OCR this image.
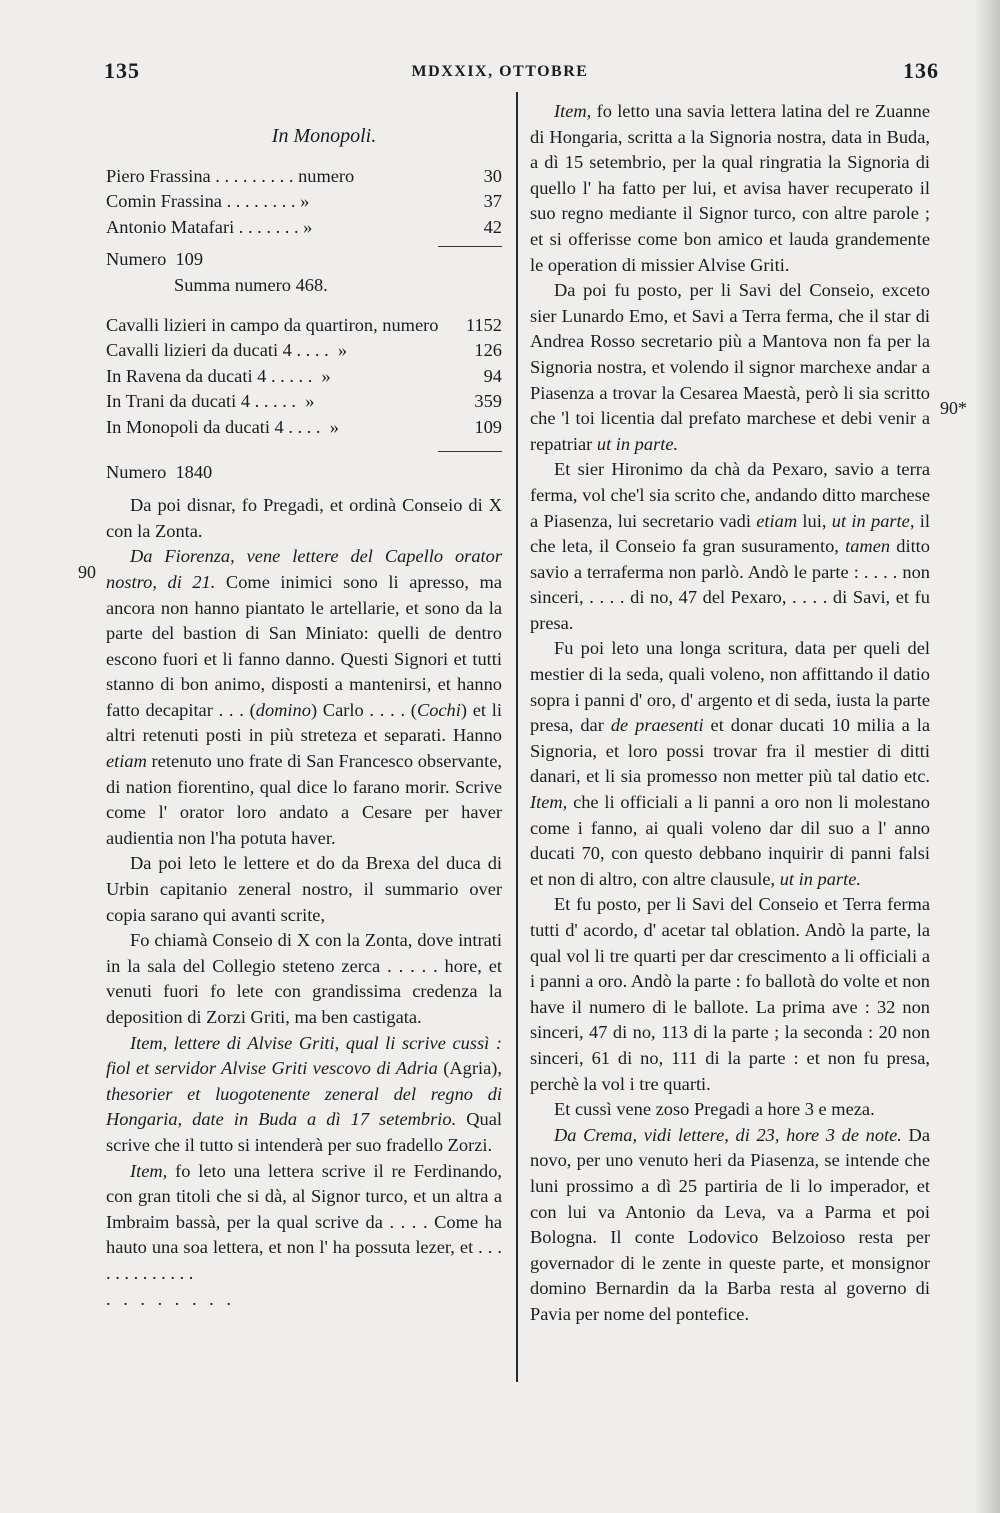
135	MDXXIX, OTTOBRE	136
90
90*

In Monopoli.

Piero Frassina . . . . . . . . . numero	30
Comin Frassina . . . . . . . . »	37
Antonio Matafari . . . . . . . »	42

Numero  109

Summa numero 468.

Cavalli lizieri in campo da quartiron, numero 1152
Cavalli lizieri da ducati 4 . . . .  »	126
In Ravena da ducati 4 . . . . .  »	94
In Trani da ducati 4 . . . . .  »	359
In Monopoli da ducati 4 . . . .  »	109

Numero  1840

Da poi disnar, fo Pregadi, et ordinà Conseio di X con la Zonta.

Da Fiorenza, vene lettere del Capello orator nostro, di 21. Come inimici sono li apresso, ma ancora non hanno piantato le artellarie, et sono da la parte del bastion di San Miniato: quelli de dentro escono fuori et li fanno danno. Questi Signori et tutti stanno di bon animo, disposti a mantenirsi, et hanno fatto decapitar . . . (domino) Carlo . . . . (Cochi) et li altri retenuti posti in più streteza et separati. Hanno etiam retenuto uno frate di San Francesco observante, di nation fiorentino, qual dice lo farano morir. Scrive come l' orator loro andato a Cesare per haver audientia non l'ha potuta haver.

Da poi leto le lettere et do da Brexa del duca di Urbin capitanio zeneral nostro, il summario over copia sarano qui avanti scrite,

Fo chiamà Conseio di X con la Zonta, dove intrati in la sala del Collegio steteno zerca . . . . . hore, et venuti fuori fo lete con grandissima credenza la deposition di Zorzi Griti, ma ben castigata.

Item, lettere di Alvise Griti, qual li scrive cussì : fiol et servidor Alvise Griti vescovo di Adria (Agria), thesorier et luogotenente zeneral del regno di Hongaria, date in Buda a dì 17 setembrio. Qual scrive che il tutto si intenderà per suo fradello Zorzi.

Item, fo leto una lettera scrive il re Ferdinando, con gran titoli che si dà, al Signor turco, et un altra a Imbraim bassà, per la qual scrive da . . . . Come ha hauto una soa lettera, et non l' ha possuta lezer, et . . . . . . . . . . . . .

. . . . . . . .

Item, fo letto una savia lettera latina del re Zuanne di Hongaria, scritta a la Signoria nostra, data in Buda, a dì 15 setembrio, per la qual ringratia la Signoria di quello l' ha fatto per lui, et avisa haver recuperato il suo regno mediante il Signor turco, con altre parole ; et si offerisse come bon amico et lauda grandemente le operation di missier Alvise Griti.

Da poi fu posto, per li Savi del Conseio, exceto sier Lunardo Emo, et Savi a Terra ferma, che il star di Andrea Rosso secretario più a Mantova non fa per la Signoria nostra, et volendo il signor marchexe andar a Piasenza a trovar la Cesarea Maestà, però li sia scritto che 'l toi licentia dal prefato marchese et debi venir a repatriar ut in parte.

Et sier Hironimo da chà da Pexaro, savio a terra ferma, vol che'l sia scrito che, andando ditto marchese a Piasenza, lui secretario vadi etiam lui, ut in parte, il che leta, il Conseio fa gran susuramento, tamen ditto savio a terraferma non parlò. Andò le parte : . . . . non sinceri, . . . . di no, 47 del Pexaro, . . . . di Savi, et fu presa.

Fu poi leto una longa scritura, data per queli del mestier di la seda, quali voleno, non affittando il datio sopra i panni d' oro, d' argento et di seda, iusta la parte presa, dar de praesenti et donar ducati 10 milia a la Signoria, et loro possi trovar fra il mestier di ditti danari, et li sia promesso non metter più tal datio etc. Item, che li officiali a li panni a oro non li molestano come i fanno, ai quali voleno dar dil suo a l' anno ducati 70, con questo debbano inquirir di panni falsi et non di altro, con altre clausule, ut in parte.

Et fu posto, per li Savi del Conseio et Terra ferma tutti d' acordo, d' acetar tal oblation. Andò la parte, la qual vol li tre quarti per dar crescimento a li officiali a i panni a oro. Andò la parte : fo ballotà do volte et non have il numero di le ballote. La prima ave : 32 non sinceri, 47 di no, 113 di la parte ; la seconda : 20 non sinceri, 61 di no, 111 di la parte : et non fu presa, perchè la vol i tre quarti.

Et cussì vene zoso Pregadi a hore 3 e meza.

Da Crema, vidi lettere, di 23, hore 3 de note. Da novo, per uno venuto heri da Piasenza, se intende che luni prossimo a dì 25 partiria de li lo imperador, et con lui va Antonio da Leva, va a Parma et poi Bologna. Il conte Lodovico Belzoioso resta per governador di le zente in queste parte, et monsignor domino Bernardin da la Barba resta al governo di Pavia per nome del pontefice.
